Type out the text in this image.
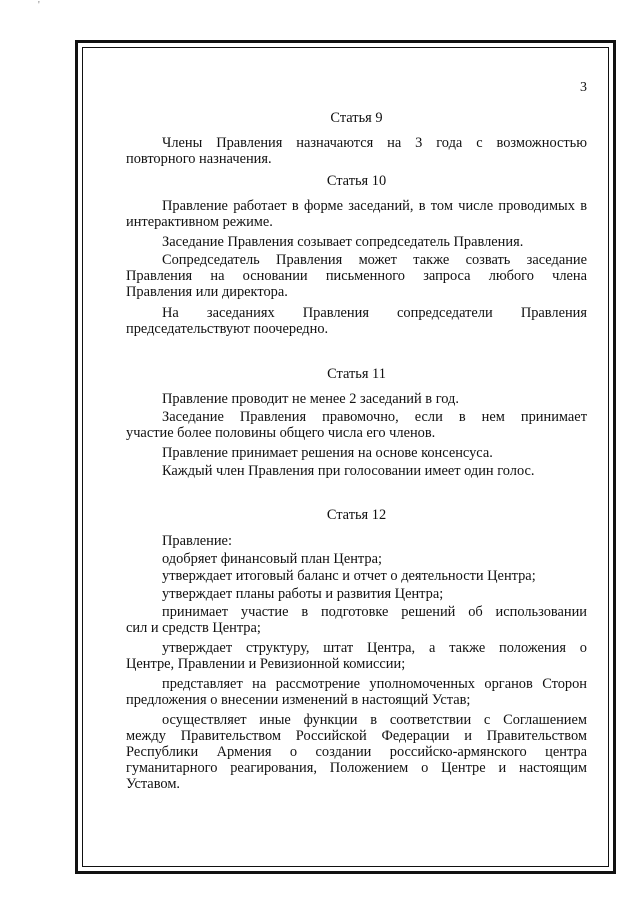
'
3
Статья 9
Члены Правления назначаются на 3 года с возможностью
повторного назначения.
Статья 10
Правление работает в форме заседаний, в том числе проводимых в
интерактивном режиме.
Заседание Правления созывает сопредседатель Правления.
Сопредседатель Правления может также созвать заседание
Правления на основании письменного запроса любого члена
Правления или директора.
На заседаниях Правления сопредседатели Правления
председательствуют поочередно.
Статья 11
Правление проводит не менее 2 заседаний в год.
Заседание Правления правомочно, если в нем принимает
участие более половины общего числа его членов.
Правление принимает решения на основе консенсуса.
Каждый член Правления при голосовании имеет один голос.
Статья 12
Правление:
одобряет финансовый план Центра;
утверждает итоговый баланс и отчет о деятельности Центра;
утверждает планы работы и развития Центра;
принимает участие в подготовке решений об использовании
сил и средств Центра;
утверждает структуру, штат Центра, а также положения о
Центре, Правлении и Ревизионной комиссии;
представляет на рассмотрение уполномоченных органов Сторон
предложения о внесении изменений в настоящий Устав;
осуществляет иные функции в соответствии с Соглашением
между Правительством Российской Федерации и Правительством
Республики Армения о создании российско-армянского центра
гуманитарного реагирования, Положением о Центре и настоящим
Уставом.
